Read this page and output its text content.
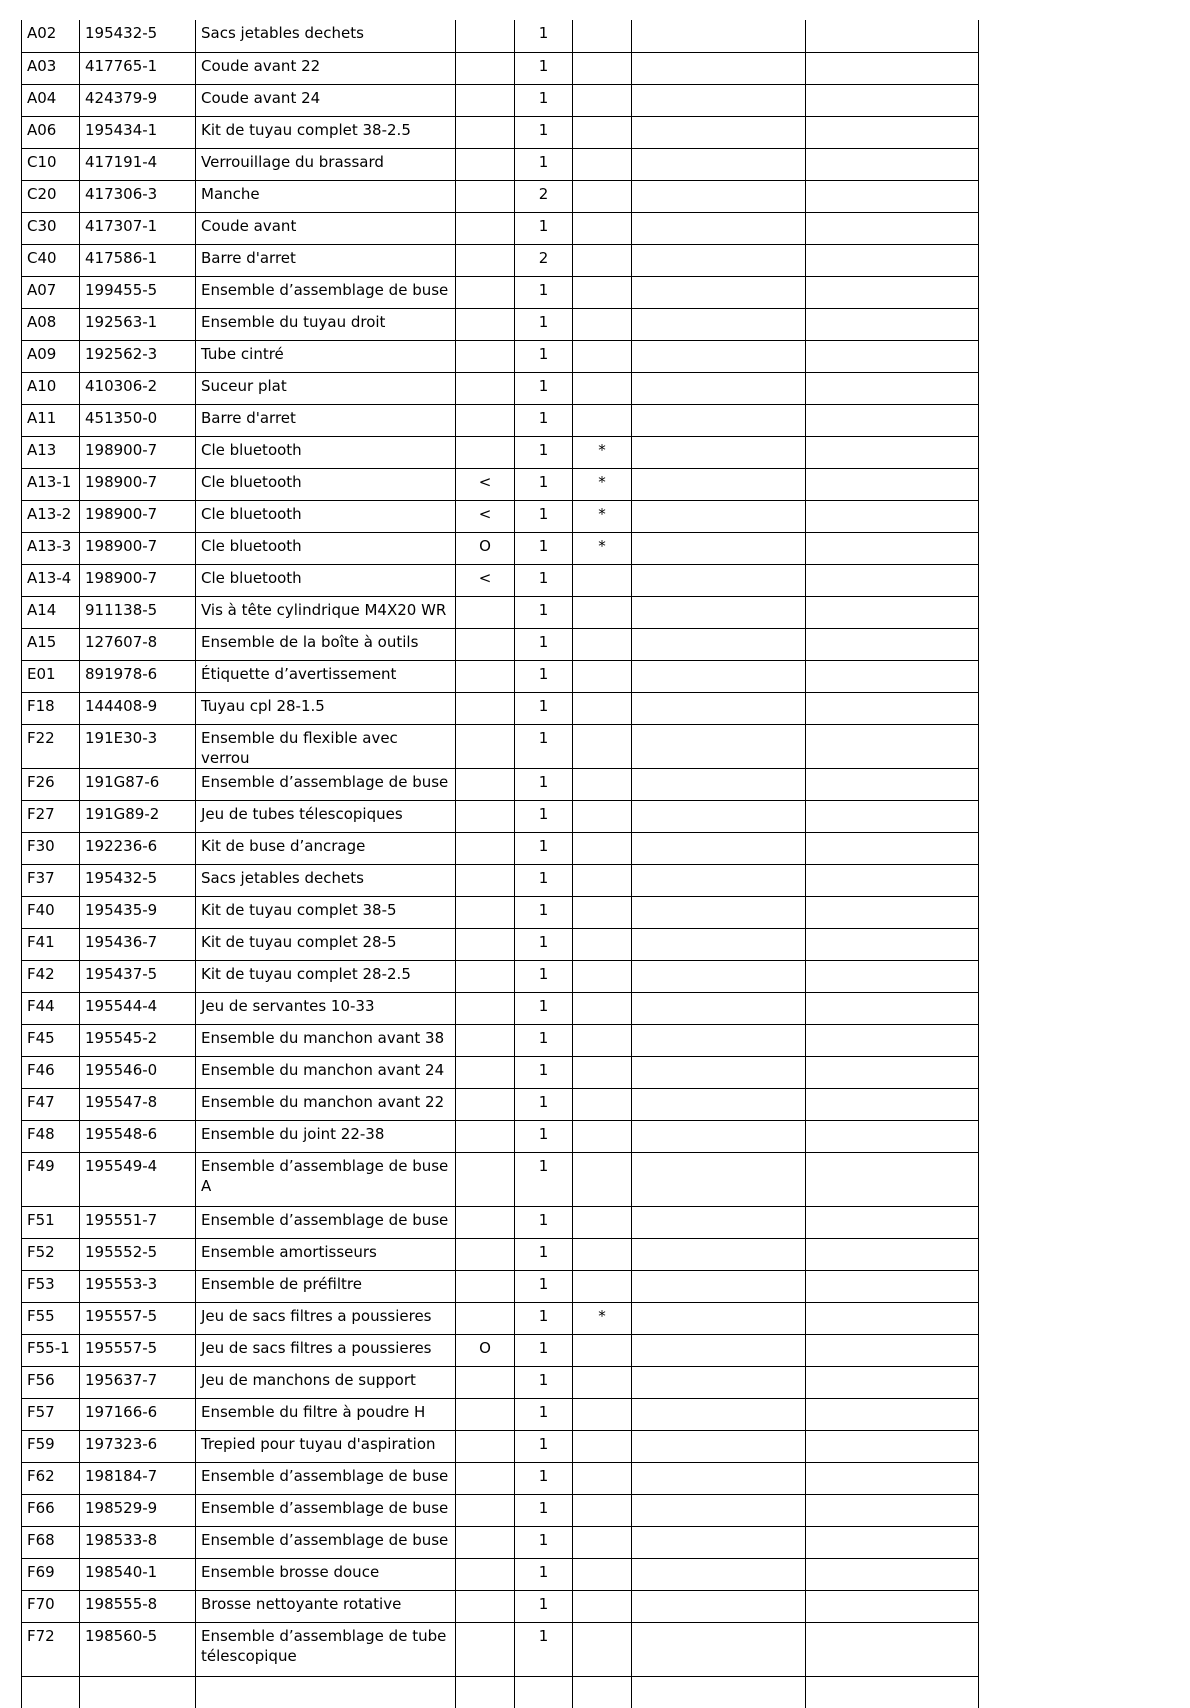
A02	195432-5	Sacs jetables dechets		1			
A03	417765-1	Coude avant 22		1			
A04	424379-9	Coude avant 24		1			
A06	195434-1	Kit de tuyau complet 38-2.5		1			
C10	417191-4	Verrouillage du brassard		1			
C20	417306-3	Manche		2			
C30	417307-1	Coude avant		1			
C40	417586-1	Barre d'arret		2			
A07	199455-5	Ensemble d’assemblage de buse		1			
A08	192563-1	Ensemble du tuyau droit		1			
A09	192562-3	Tube cintré		1			
A10	410306-2	Suceur plat		1			
A11	451350-0	Barre d'arret		1			
A13	198900-7	Cle bluetooth		1	*		
A13-1	198900-7	Cle bluetooth	<	1	*		
A13-2	198900-7	Cle bluetooth	<	1	*		
A13-3	198900-7	Cle bluetooth	O	1	*		
A13-4	198900-7	Cle bluetooth	<	1			
A14	911138-5	Vis à tête cylindrique M4X20 WR		1			
A15	127607-8	Ensemble de la boîte à outils		1			
E01	891978-6	Étiquette d’avertissement		1			
F18	144408-9	Tuyau cpl 28-1.5		1			
F22	191E30-3	Ensemble du flexible avec verrou		1			
F26	191G87-6	Ensemble d’assemblage de buse		1			
F27	191G89-2	Jeu de tubes télescopiques		1			
F30	192236-6	Kit de buse d’ancrage		1			
F37	195432-5	Sacs jetables dechets		1			
F40	195435-9	Kit de tuyau complet 38-5		1			
F41	195436-7	Kit de tuyau complet 28-5		1			
F42	195437-5	Kit de tuyau complet 28-2.5		1			
F44	195544-4	Jeu de servantes 10-33		1			
F45	195545-2	Ensemble du manchon avant 38		1			
F46	195546-0	Ensemble du manchon avant 24		1			
F47	195547-8	Ensemble du manchon avant 22		1			
F48	195548-6	Ensemble du joint 22-38		1			
F49	195549-4	Ensemble d’assemblage de buse A		1			
F51	195551-7	Ensemble d’assemblage de buse		1			
F52	195552-5	Ensemble amortisseurs		1			
F53	195553-3	Ensemble de préfiltre		1			
F55	195557-5	Jeu de sacs filtres a poussieres		1	*		
F55-1	195557-5	Jeu de sacs filtres a poussieres	O	1			
F56	195637-7	Jeu de manchons de support		1			
F57	197166-6	Ensemble du filtre à poudre H		1			
F59	197323-6	Trepied pour tuyau d'aspiration		1			
F62	198184-7	Ensemble d’assemblage de buse		1			
F66	198529-9	Ensemble d’assemblage de buse		1			
F68	198533-8	Ensemble d’assemblage de buse		1			
F69	198540-1	Ensemble brosse douce		1			
F70	198555-8	Brosse nettoyante rotative		1			
F72	198560-5	Ensemble d’assemblage de tube télescopique		1			
